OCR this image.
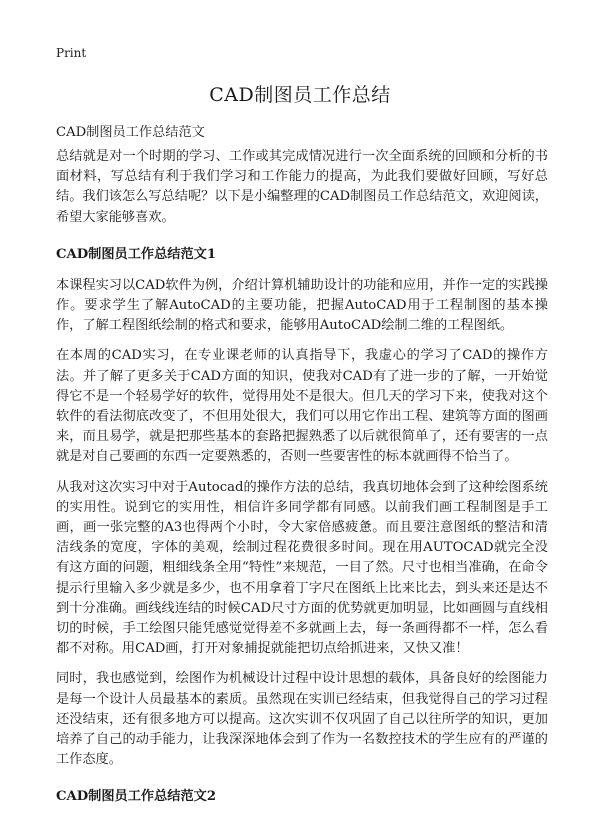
Print
CAD制图员工作总结

CAD制图员工作总结范文

总结就是对一个时期的学习、工作或其完成情况进行一次全面系统的回顾和分析的书面材料，写总结有利于我们学习和工作能力的提高，为此我们要做好回顾，写好总结。我们该怎么写总结呢？以下是小编整理的CAD制图员工作总结范文，欢迎阅读，希望大家能够喜欢。

CAD制图员工作总结范文1

本课程实习以CAD软件为例，介绍计算机辅助设计的功能和应用，并作一定的实践操作。要求学生了解AutoCAD的主要功能，把握AutoCAD用于工程制图的基本操作，了解工程图纸绘制的格式和要求，能够用AutoCAD绘制二维的工程图纸。

在本周的CAD实习，在专业课老师的认真指导下，我虚心的学习了CAD的操作方法。并了解了更多关于CAD方面的知识，使我对CAD有了进一步的了解，一开始觉得它不是一个轻易学好的软件，觉得用处不是很大。但几天的学习下来，使我对这个软件的看法彻底改变了，不但用处很大，我们可以用它作出工程、建筑等方面的图画来，而且易学，就是把那些基本的套路把握熟悉了以后就很简单了，还有要害的一点就是对自己要画的东西一定要熟悉的，否则一些要害性的标本就画得不恰当了。

从我对这次实习中对于Autocad的操作方法的总结，我真切地体会到了这种绘图系统的实用性。说到它的实用性，相信许多同学都有同感。以前我们画工程制图是手工画，画一张完整的A3也得两个小时，令大家倍感疲惫。而且要注意图纸的整洁和清洁线条的宽度，字体的美观，绘制过程花费很多时间。现在用AUTOCAD就完全没有这方面的问题，粗细线条全用“特性”来规范，一目了然。尺寸也相当准确，在命令提示行里输入多少就是多少，也不用拿着丁字尺在图纸上比来比去，到头来还是达不到十分准确。画线线连结的时候CAD尺寸方面的优势就更加明显，比如画圆与直线相切的时候，手工绘图只能凭感觉觉得差不多就画上去，每一条画得都不一样，怎么看都不对称。用CAD画，打开对象捕捉就能把切点给抓进来，又快又准！

同时，我也感觉到，绘图作为机械设计过程中设计思想的载体，具备良好的绘图能力是每一个设计人员最基本的素质。虽然现在实训已经结束，但我觉得自己的学习过程还没结束，还有很多地方可以提高。这次实训不仅巩固了自己以往所学的知识，更加培养了自己的动手能力，让我深深地体会到了作为一名数控技术的学生应有的严谨的工作态度。

CAD制图员工作总结范文2
